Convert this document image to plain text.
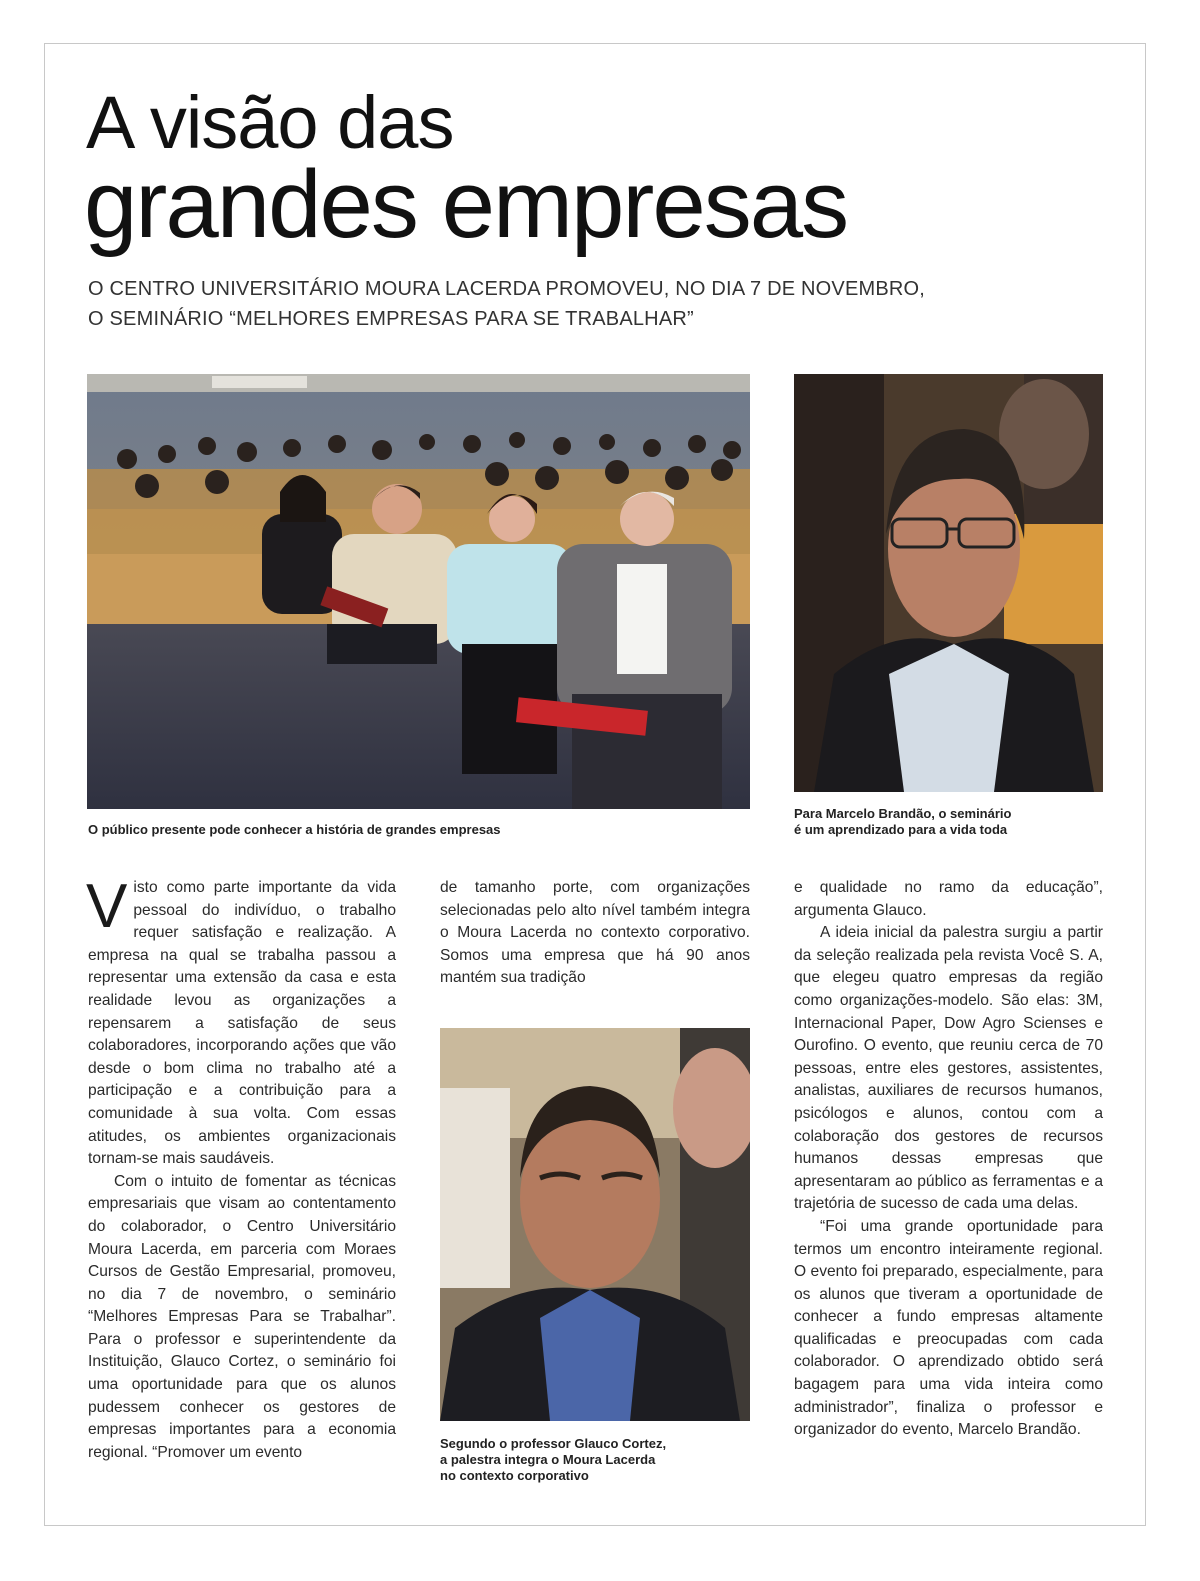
A visão das
grandes empresas

O CENTRO UNIVERSITÁRIO MOURA LACERDA PROMOVEU, NO DIA 7 DE NOVEMBRO,
O SEMINÁRIO “MELHORES EMPRESAS PARA SE TRABALHAR”

O público presente pode conhecer a história de grandes empresas

Para Marcelo Brandão, o seminário
é um aprendizado para a vida toda

Segundo o professor Glauco Cortez,
a palestra integra o Moura Lacerda
no contexto corporativo

Visto como parte importante da vida pessoal do indivíduo, o trabalho requer satisfação e realização. A empresa na qual se trabalha passou a representar uma extensão da casa e esta realidade levou as organizações a repensarem a satisfação de seus colaboradores, incorporando ações que vão desde o bom clima no trabalho até a participação e a contribuição para a comunidade à sua volta. Com essas atitudes, os ambientes organizacionais tornam-se mais saudáveis.

Com o intuito de fomentar as técnicas empresariais que visam ao contentamento do colaborador, o Centro Universitário Moura Lacerda, em parceria com Moraes Cursos de Gestão Empresarial, promoveu, no dia 7 de novembro, o seminário “Melhores Empresas Para se Trabalhar”. Para o professor e superintendente da Instituição, Glauco Cortez, o seminário foi uma oportunidade para que os alunos pudessem conhecer os gestores de empresas importantes para a economia regional. “Promover um evento

de tamanho porte, com organizações selecionadas pelo alto nível também integra o Moura Lacerda no contexto corporativo. Somos uma empresa que há 90 anos mantém sua tradição

e qualidade no ramo da educação”, argumenta Glauco.

A ideia inicial da palestra surgiu a partir da seleção realizada pela revista Você S. A, que elegeu quatro empresas da região como organizações-modelo. São elas: 3M, Internacional Paper, Dow Agro Scienses e Ourofino. O evento, que reuniu cerca de 70 pessoas, entre eles gestores, assistentes, analistas, auxiliares de recursos humanos, psicólogos e alunos, contou com a colaboração dos gestores de recursos humanos dessas empresas que apresentaram ao público as ferramentas e a trajetória de sucesso de cada uma delas.

“Foi uma grande oportunidade para termos um encontro inteiramente regional. O evento foi preparado, especialmente, para os alunos que tiveram a oportunidade de conhecer a fundo empresas altamente qualificadas e preocupadas com cada colaborador. O aprendizado obtido será bagagem para uma vida inteira como administrador”, finaliza o professor e organizador do evento, Marcelo Brandão.
